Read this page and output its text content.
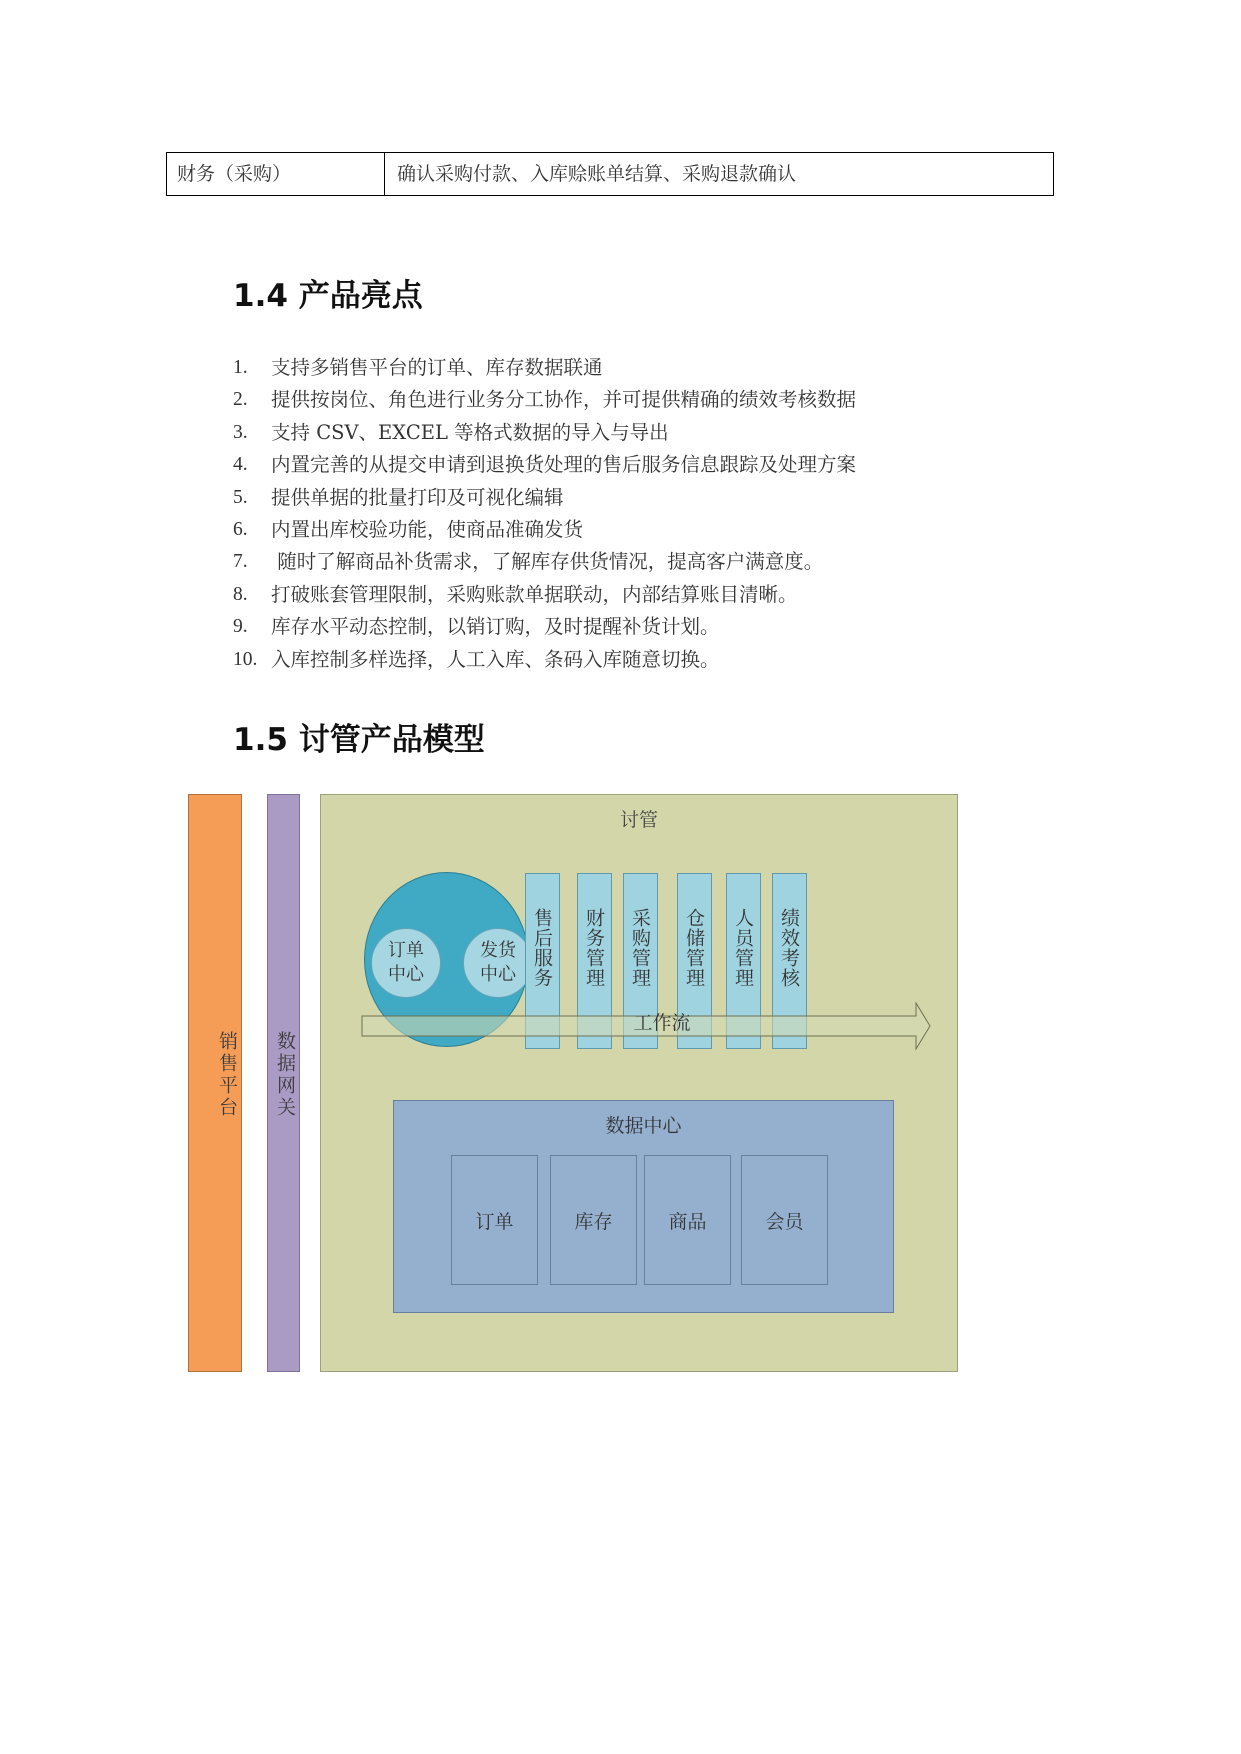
财务（采购）	确认采购付款、入库赊账单结算、采购退款确认
1.4 产品亮点
1.	支持多销售平台的订单、库存数据联通
2.	提供按岗位、角色进行业务分工协作，并可提供精确的绩效考核数据
3.	支持 CSV、EXCEL 等格式数据的导入与导出
4.	内置完善的从提交申请到退换货处理的售后服务信息跟踪及处理方案
5.	提供单据的批量打印及可视化编辑
6.	内置出库校验功能，使商品准确发货
7.	随时了解商品补货需求，了解库存供货情况，提高客户满意度。
8.	打破账套管理限制，采购账款单据联动，内部结算账目清晰。
9.	库存水平动态控制，以销订购，及时提醒补货计划。
10. 入库控制多样选择，人工入库、条码入库随意切换。
1.5 讨管产品模型
销售平台	数据网关
讨管
订单中心
发货中心 售后服务 财务管理 采购管理 仓储管理 人员管理 绩效考核
工作流
数据中心
订单	库存	商品	会员
